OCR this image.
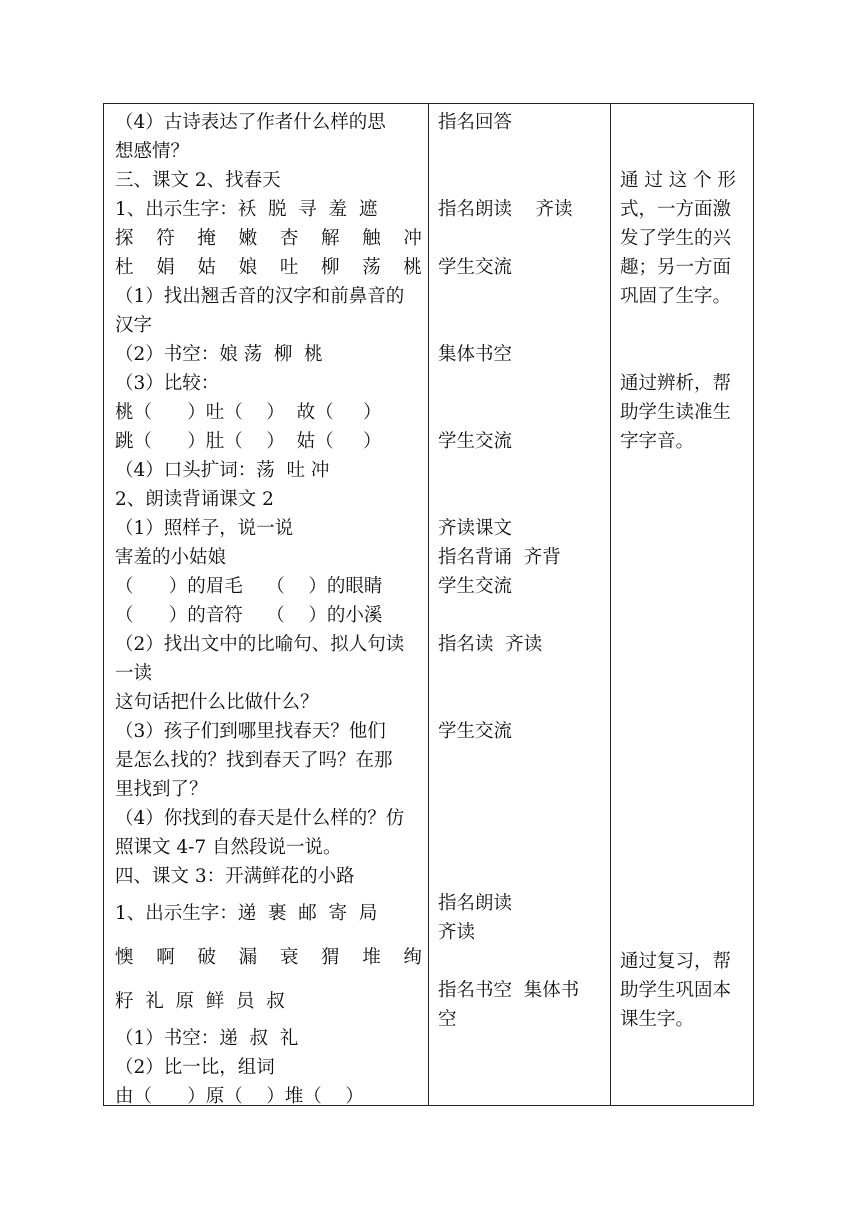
（4）古诗表达了作者什么样的思
想感情？
三、课文 2、找春天
1、出示生字：袄  脱  寻  羞  遮
探 符 掩 嫩 杏 解 触 冲
杜 娟 姑 娘 吐 柳 荡 桃
（1）找出翘舌音的汉字和前鼻音的
汉字
（2）书空：娘 荡  柳  桃
（3）比较：
桃（      ）吐（    ）  故（     ）
跳（      ）肚（    ）  姑（     ）
（4）口头扩词：荡  吐 冲
2、朗读背诵课文 2
（1）照样子，说一说
害羞的小姑娘
（      ）的眉毛    （    ）的眼睛
（      ）的音符    （    ）的小溪
（2）找出文中的比喻句、拟人句读
一读
这句话把什么比做什么？
（3）孩子们到哪里找春天？他们
是怎么找的？找到春天了吗？在那
里找到了？
（4）你找到的春天是什么样的？仿
照课文 4-7 自然段说一说。
四、课文 3：开满鲜花的小路
1、出示生字：递  裹  邮  寄  局
懊 啊 破 漏 衰 猬 堆 绚
籽  礼  原  鲜  员  叔
（1）书空：递  叔  礼
（2）比一比，组词
由（      ）原（    ）堆（    ）
指名回答
指名朗读    齐读
学生交流
集体书空
学生交流
齐读课文
指名背诵  齐背
学生交流
指名读  齐读
学生交流
指名朗读
齐读
指名书空  集体书
空
通 过 这 个 形
式，一方面激
发了学生的兴
趣；另一方面
巩固了生字。
通过辨析，帮
助学生读准生
字字音。
通过复习，帮
助学生巩固本
课生字。
